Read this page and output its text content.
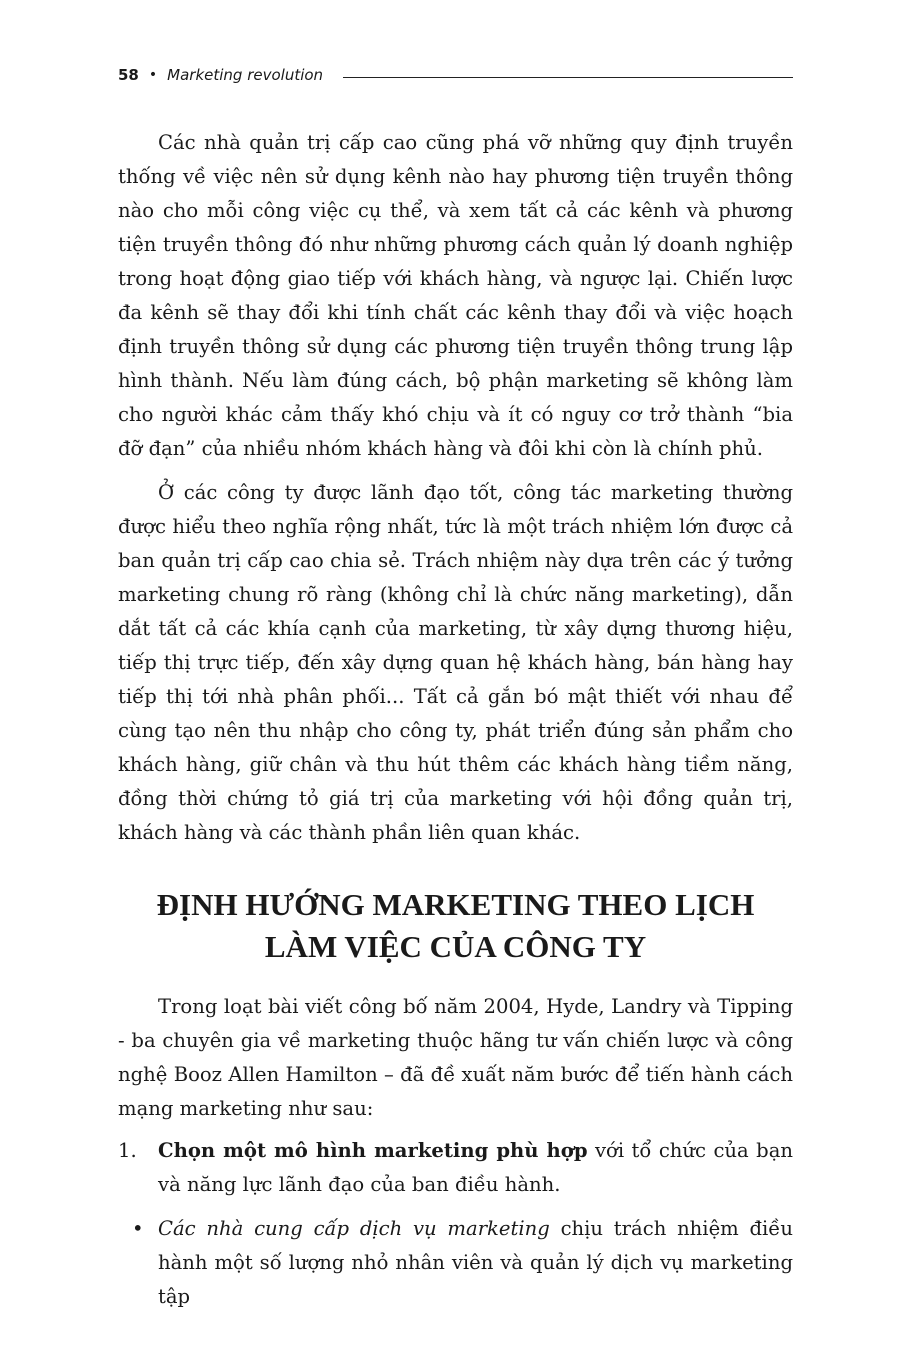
58 • Marketing revolution

Các nhà quản trị cấp cao cũng phá vỡ những quy định truyền thống về việc nên sử dụng kênh nào hay phương tiện truyền thông nào cho mỗi công việc cụ thể, và xem tất cả các kênh và phương tiện truyền thông đó như những phương cách quản lý doanh nghiệp trong hoạt động giao tiếp với khách hàng, và ngược lại. Chiến lược đa kênh sẽ thay đổi khi tính chất các kênh thay đổi và việc hoạch định truyền thông sử dụng các phương tiện truyền thông trung lập hình thành. Nếu làm đúng cách, bộ phận marketing sẽ không làm cho người khác cảm thấy khó chịu và ít có nguy cơ trở thành “bia đỡ đạn” của nhiều nhóm khách hàng và đôi khi còn là chính phủ.

Ở các công ty được lãnh đạo tốt, công tác marketing thường được hiểu theo nghĩa rộng nhất, tức là một trách nhiệm lớn được cả ban quản trị cấp cao chia sẻ. Trách nhiệm này dựa trên các ý tưởng marketing chung rõ ràng (không chỉ là chức năng marketing), dẫn dắt tất cả các khía cạnh của marketing, từ xây dựng thương hiệu, tiếp thị trực tiếp, đến xây dựng quan hệ khách hàng, bán hàng hay tiếp thị tới nhà phân phối... Tất cả gắn bó mật thiết với nhau để cùng tạo nên thu nhập cho công ty, phát triển đúng sản phẩm cho khách hàng, giữ chân và thu hút thêm các khách hàng tiềm năng, đồng thời chứng tỏ giá trị của marketing với hội đồng quản trị, khách hàng và các thành phần liên quan khác.

ĐỊNH HƯỚNG MARKETING THEO LỊCH
LÀM VIỆC CỦA CÔNG TY

Trong loạt bài viết công bố năm 2004, Hyde, Landry và Tipping - ba chuyên gia về marketing thuộc hãng tư vấn chiến lược và công nghệ Booz Allen Hamilton – đã đề xuất năm bước để tiến hành cách mạng marketing như sau:

1.	Chọn một mô hình marketing phù hợp với tổ chức của bạn và năng lực lãnh đạo của ban điều hành.
• Các nhà cung cấp dịch vụ marketing chịu trách nhiệm điều hành một số lượng nhỏ nhân viên và quản lý dịch vụ marketing tập
